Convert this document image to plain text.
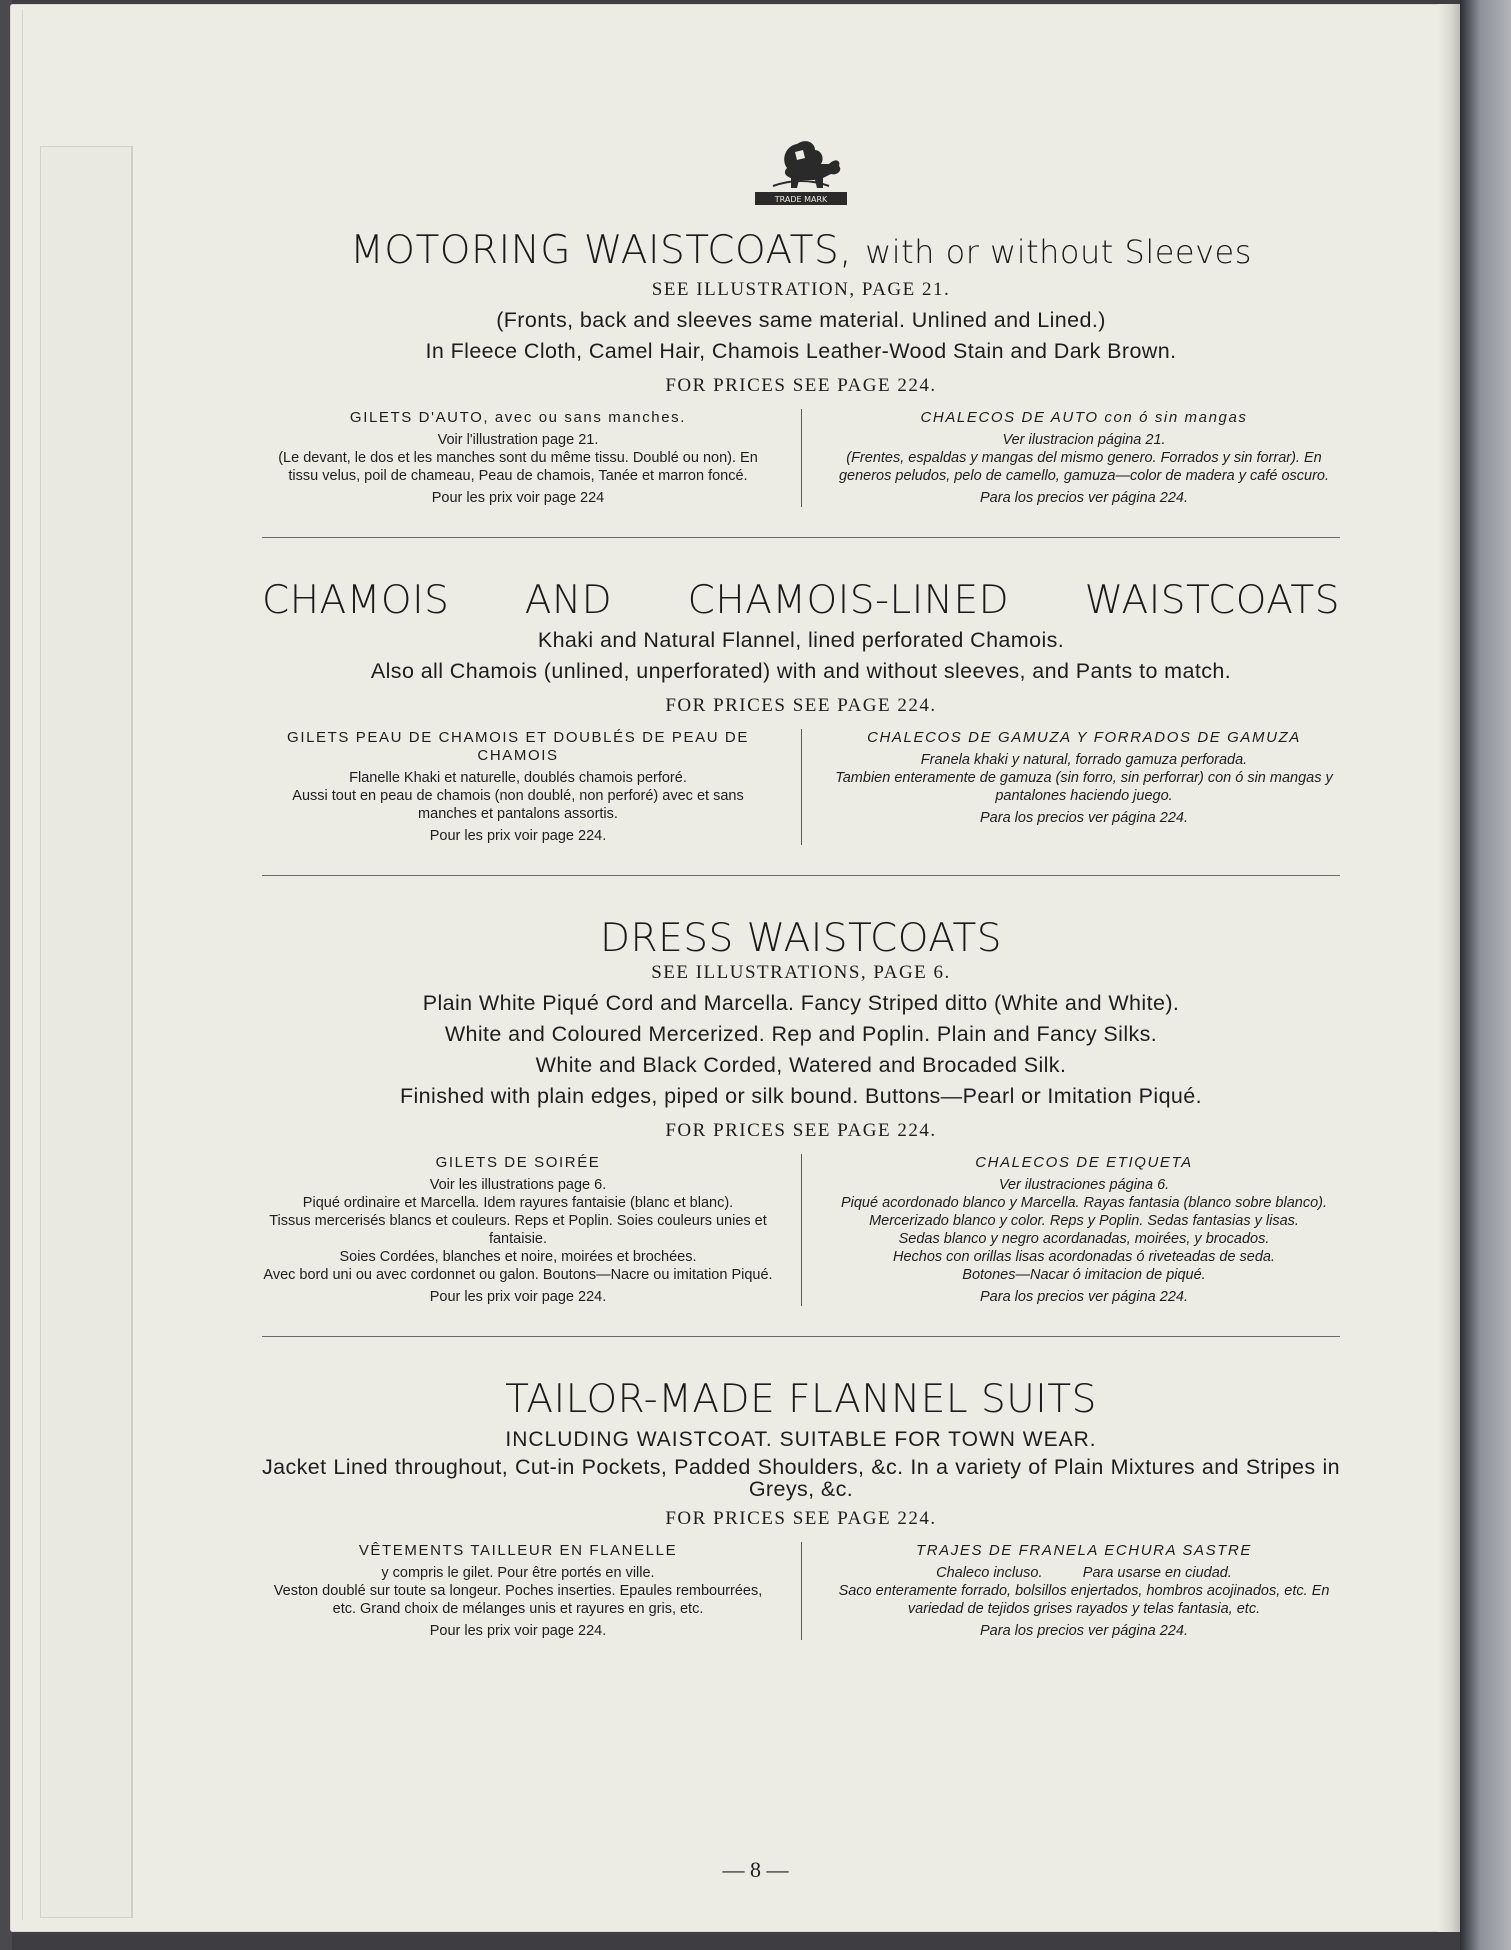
TRADE MARK
MOTORING WAISTCOATS, with or without Sleeves
SEE ILLUSTRATION, PAGE 21.

(Fronts, back and sleeves same material. Unlined and Lined.)

In Fleece Cloth, Camel Hair, Chamois Leather-Wood Stain and Dark Brown.

FOR PRICES SEE PAGE 224.
GILETS D'AUTO, avec ou sans manches.

Voir l'illustration page 21.

(Le devant, le dos et les manches sont du même tissu. Doublé ou non). En tissu velus, poil de chameau, Peau de chamois, Tanée et marron foncé.

Pour les prix voir page 224

CHALECOS DE AUTO con ó sin mangas

Ver ilustracion página 21.

(Frentes, espaldas y mangas del mismo genero. Forrados y sin forrar). En generos peludos, pelo de camello, gamuza—color de madera y café oscuro.

Para los precios ver página 224.

CHAMOIS AND CHAMOIS-LINED WAISTCOATS

Khaki and Natural Flannel, lined perforated Chamois.

Also all Chamois (unlined, unperforated) with and without sleeves, and Pants to match.

FOR PRICES SEE PAGE 224.
GILETS PEAU DE CHAMOIS ET DOUBLÉS DE PEAU DE CHAMOIS

Flanelle Khaki et naturelle, doublés chamois perforé.

Aussi tout en peau de chamois (non doublé, non perforé) avec et sans manches et pantalons assortis.

Pour les prix voir page 224.

CHALECOS DE GAMUZA Y FORRADOS DE GAMUZA

Franela khaki y natural, forrado gamuza perforada.

Tambien enteramente de gamuza (sin forro, sin perforrar) con ó sin mangas y pantalones haciendo juego.

Para los precios ver página 224.

DRESS WAISTCOATS
SEE ILLUSTRATIONS, PAGE 6.

Plain White Piqué Cord and Marcella. Fancy Striped ditto (White and White).

White and Coloured Mercerized. Rep and Poplin. Plain and Fancy Silks.

White and Black Corded, Watered and Brocaded Silk.

Finished with plain edges, piped or silk bound. Buttons—Pearl or Imitation Piqué.

FOR PRICES SEE PAGE 224.
GILETS DE SOIRÉE

Voir les illustrations page 6.

Piqué ordinaire et Marcella. Idem rayures fantaisie (blanc et blanc).

Tissus mercerisés blancs et couleurs. Reps et Poplin. Soies couleurs unies et fantaisie.

Soies Cordées, blanches et noire, moirées et brochées.

Avec bord uni ou avec cordonnet ou galon. Boutons—Nacre ou imitation Piqué.

Pour les prix voir page 224.

CHALECOS DE ETIQUETA

Ver ilustraciones página 6.

Piqué acordonado blanco y Marcella. Rayas fantasia (blanco sobre blanco).

Mercerizado blanco y color. Reps y Poplin. Sedas fantasias y lisas.

Sedas blanco y negro acordanadas, moirées, y brocados.

Hechos con orillas lisas acordonadas ó riveteadas de seda.

Botones—Nacar ó imitacion de piqué.

Para los precios ver página 224.

TAILOR-MADE FLANNEL SUITS
INCLUDING WAISTCOAT. SUITABLE FOR TOWN WEAR.

Jacket Lined throughout, Cut-in Pockets, Padded Shoulders, &c. In a variety of Plain Mixtures and Stripes in Greys, &c.

FOR PRICES SEE PAGE 224.
VÊTEMENTS TAILLEUR EN FLANELLE

y compris le gilet. Pour être portés en ville.

Veston doublé sur toute sa longeur. Poches inserties. Epaules rembourrées, etc. Grand choix de mélanges unis et rayures en gris, etc.

Pour les prix voir page 224.

TRAJES DE FRANELA ECHURA SASTRE

Chaleco incluso.          Para usarse en ciudad.

Saco enteramente forrado, bolsillos enjertados, hombros acojinados, etc. En variedad de tejidos grises rayados y telas fantasia, etc.

Para los precios ver página 224.

— 8 —
